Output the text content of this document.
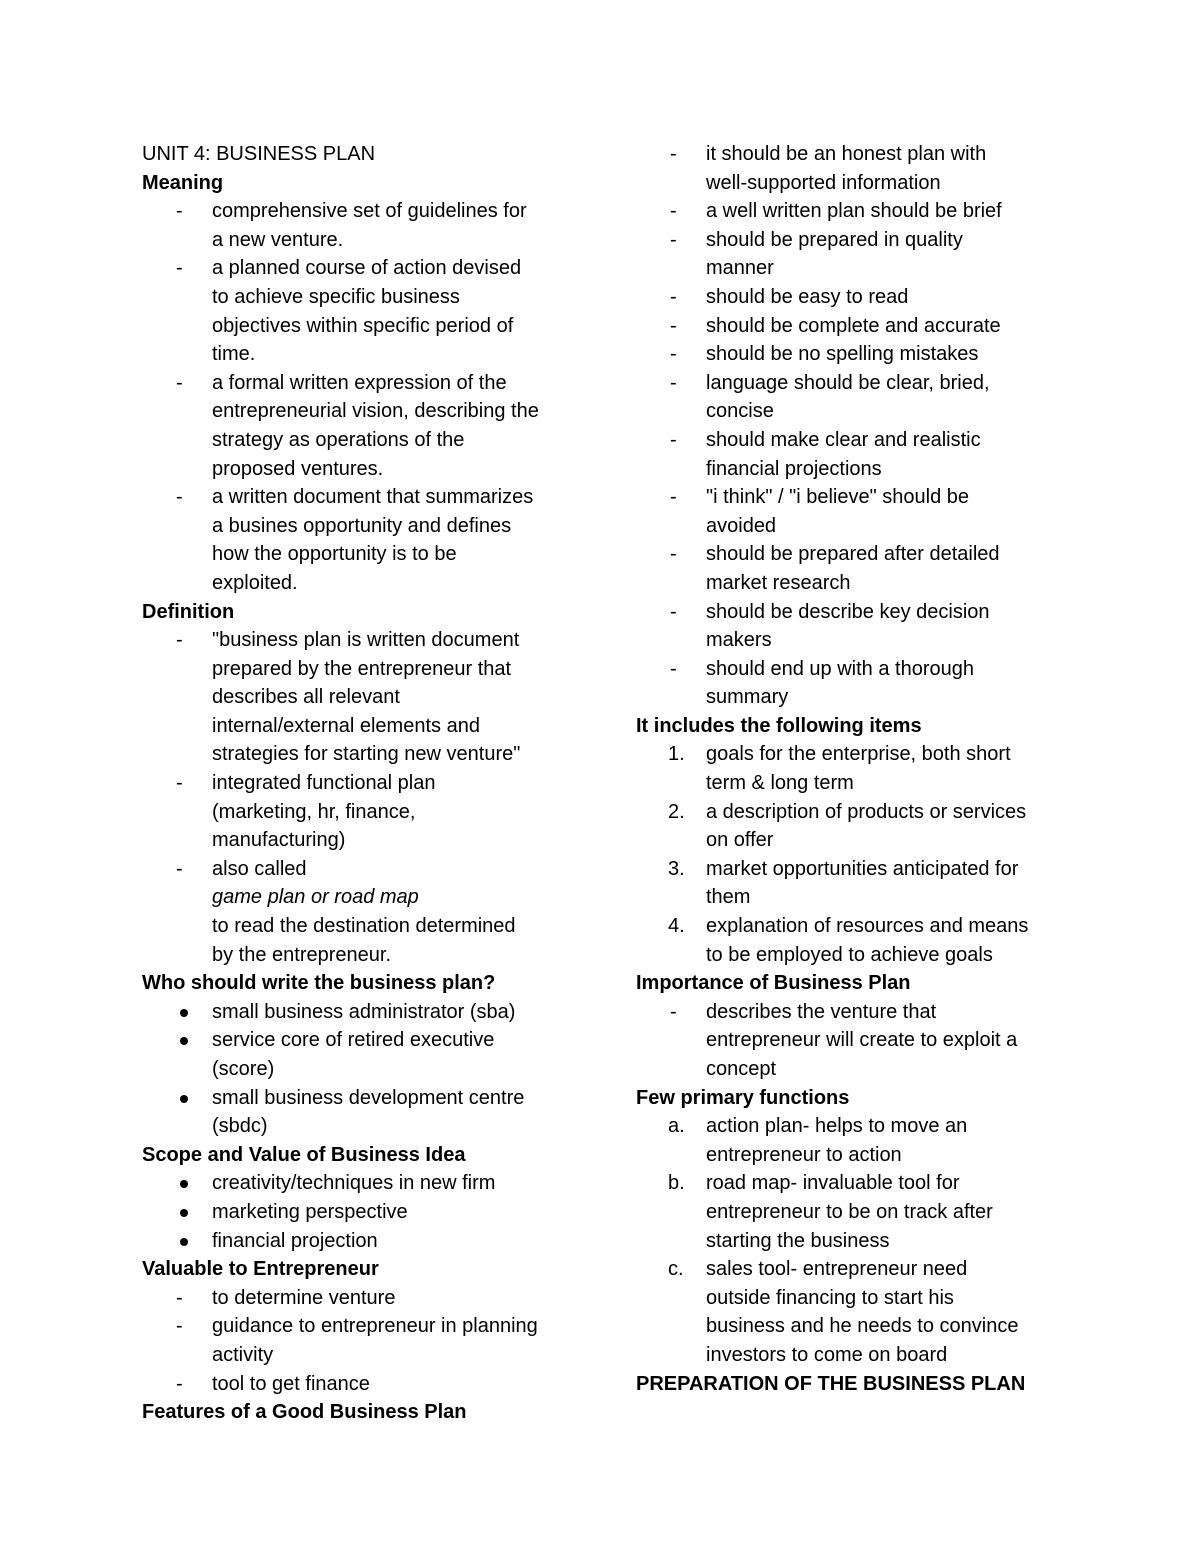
UNIT 4: BUSINESS PLAN
Meaning
-	comprehensive set of guidelines for
a new venture.
-	a planned course of action devised
to achieve specific business
objectives within specific period of
time.
-	a formal written expression of the
entrepreneurial vision, describing the
strategy as operations of the
proposed ventures.
-	a written document that summarizes
a busines opportunity and defines
how the opportunity is to be
exploited.
Definition
-	"business plan is written document
prepared by the entrepreneur that
describes all relevant
internal/external elements and
strategies for starting new venture"
-	integrated functional plan
(marketing, hr, finance,
manufacturing)
-	also called
game plan or road map
to read the destination determined
by the entrepreneur.
Who should write the business plan?
small business administrator (sba)
service core of retired executive
(score)
small business development centre
(sbdc)
Scope and Value of Business Idea
creativity/techniques in new firm
marketing perspective
financial projection
Valuable to Entrepreneur
-	to determine venture
-	guidance to entrepreneur in planning
activity
-	tool to get finance
Features of a Good Business Plan
-	it should be an honest plan with
well-supported information
-	a well written plan should be brief
-	should be prepared in quality
manner
-	should be easy to read
-	should be complete and accurate
-	should be no spelling mistakes
-	language should be clear, bried,
concise
-	should make clear and realistic
financial projections
-	"i think" / "i believe" should be
avoided
-	should be prepared after detailed
market research
-	should be describe key decision
makers
-	should end up with a thorough
summary
It includes the following items
1.	goals for the enterprise, both short
term & long term
2.	a description of products or services
on offer
3.	market opportunities anticipated for
them
4.	explanation of resources and means
to be employed to achieve goals
Importance of Business Plan
-	describes the venture that
entrepreneur will create to exploit a
concept
Few primary functions
a.	action plan- helps to move an
entrepreneur to action
b.	road map- invaluable tool for
entrepreneur to be on track after
starting the business
c.	sales tool- entrepreneur need
outside financing to start his
business and he needs to convince
investors to come on board
PREPARATION OF THE BUSINESS PLAN
